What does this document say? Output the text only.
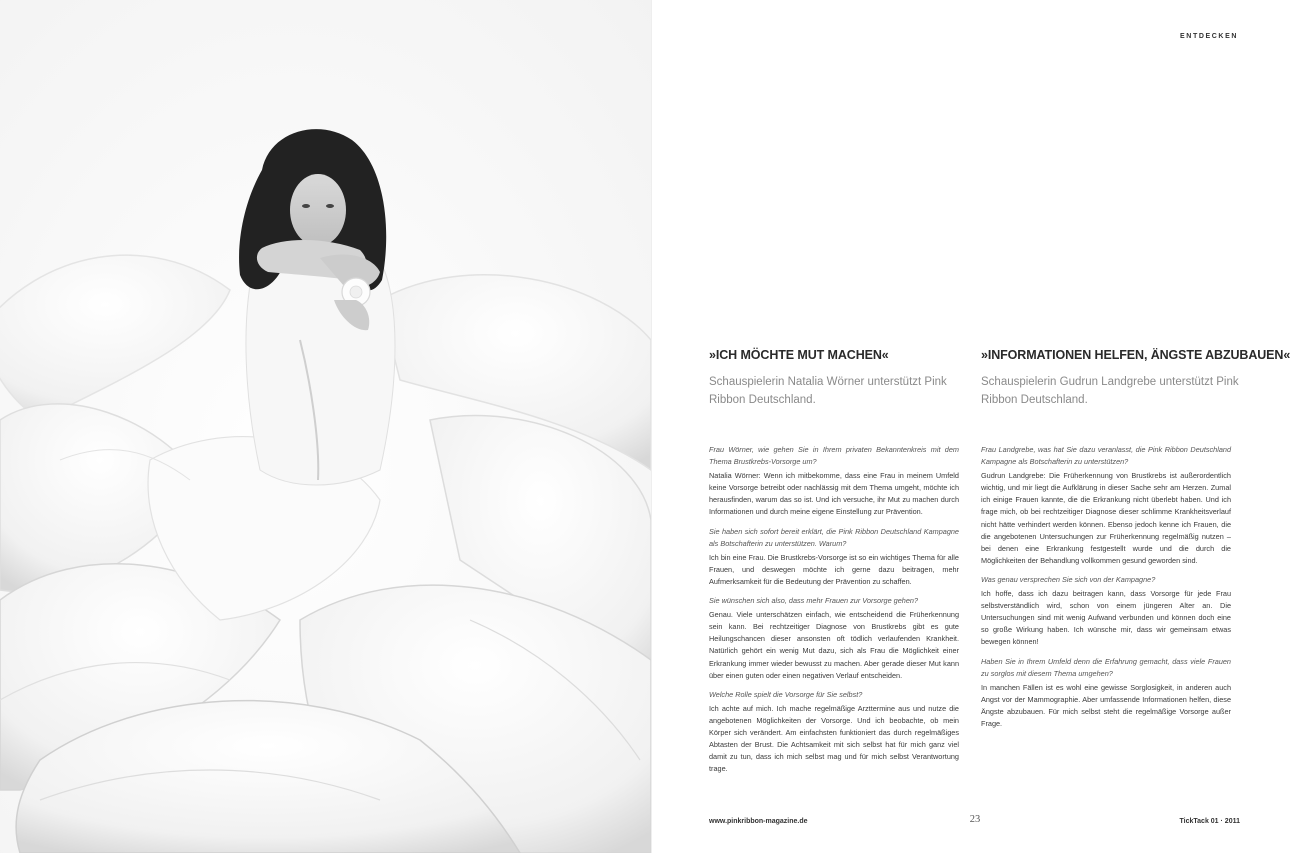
ENTDECKEN
»ICH MÖCHTE MUT MACHEN«

Schauspielerin Natalia Wörner unterstützt Pink Ribbon Deutschland.

»INFORMATIONEN HELFEN, ÄNGSTE ABZUBAUEN«

Schauspielerin Gudrun Landgrebe unterstützt Pink Ribbon Deutschland.

Frau Wörner, wie gehen Sie in Ihrem privaten Bekanntenkreis mit dem Thema Brustkrebs-Vorsorge um?

Natalia Wörner: Wenn ich mitbekomme, dass eine Frau in meinem Umfeld keine Vorsorge betreibt oder nachlässig mit dem Thema umgeht, möchte ich herausfinden, warum das so ist. Und ich versuche, ihr Mut zu machen durch Informationen und durch meine eigene Einstellung zur Prävention.

Sie haben sich sofort bereit erklärt, die Pink Ribbon Deutschland Kampagne als Botschafterin zu unterstützen. Warum?

Ich bin eine Frau. Die Brustkrebs-Vorsorge ist so ein wichtiges Thema für alle Frauen, und deswegen möchte ich gerne dazu beitragen, mehr Aufmerksamkeit für die Bedeutung der Prävention zu schaffen.

Sie wünschen sich also, dass mehr Frauen zur Vorsorge gehen?

Genau. Viele unterschätzen einfach, wie entscheidend die Früherkennung sein kann. Bei rechtzeitiger Diagnose von Brustkrebs gibt es gute Heilungschancen dieser ansonsten oft tödlich verlaufenden Krankheit. Natürlich gehört ein wenig Mut dazu, sich als Frau die Möglichkeit einer Erkrankung immer wieder bewusst zu machen. Aber gerade dieser Mut kann über einen guten oder einen negativen Verlauf entscheiden.

Welche Rolle spielt die Vorsorge für Sie selbst?

Ich achte auf mich. Ich mache regelmäßige Arzttermine aus und nutze die angebotenen Möglichkeiten der Vorsorge. Und ich beobachte, ob mein Körper sich verändert. Am einfachsten funktioniert das durch regelmäßiges Abtasten der Brust. Die Achtsamkeit mit sich selbst hat für mich ganz viel damit zu tun, dass ich mich selbst mag und für mich selbst Verantwortung trage.

Frau Landgrebe, was hat Sie dazu veranlasst, die Pink Ribbon Deutschland Kampagne als Botschafterin zu unterstützen?

Gudrun Landgrebe: Die Früherkennung von Brustkrebs ist außerordentlich wichtig, und mir liegt die Aufklärung in dieser Sache sehr am Herzen. Zumal ich einige Frauen kannte, die die Erkrankung nicht überlebt haben. Und ich frage mich, ob bei rechtzeitiger Diagnose dieser schlimme Krankheitsverlauf nicht hätte verhindert werden können. Ebenso jedoch kenne ich Frauen, die die angebotenen Untersuchungen zur Früherkennung regelmäßig nutzen – bei denen eine Erkrankung festgestellt wurde und die durch die Möglichkeiten der Behandlung vollkommen gesund geworden sind.

Was genau versprechen Sie sich von der Kampagne?

Ich hoffe, dass ich dazu beitragen kann, dass Vorsorge für jede Frau selbstverständlich wird, schon von einem jüngeren Alter an. Die Untersuchungen sind mit wenig Aufwand verbunden und können doch eine so große Wirkung haben. Ich wünsche mir, dass wir gemeinsam etwas bewegen können!

Haben Sie in Ihrem Umfeld denn die Erfahrung gemacht, dass viele Frauen zu sorglos mit diesem Thema umgehen?

In manchen Fällen ist es wohl eine gewisse Sorglosigkeit, in anderen auch Angst vor der Mammographie. Aber umfassende Informationen helfen, diese Ängste abzubauen. Für mich selbst steht die regelmäßige Vorsorge außer Frage.

www.pinkribbon-magazine.de	23	TickTack 01 · 2011
